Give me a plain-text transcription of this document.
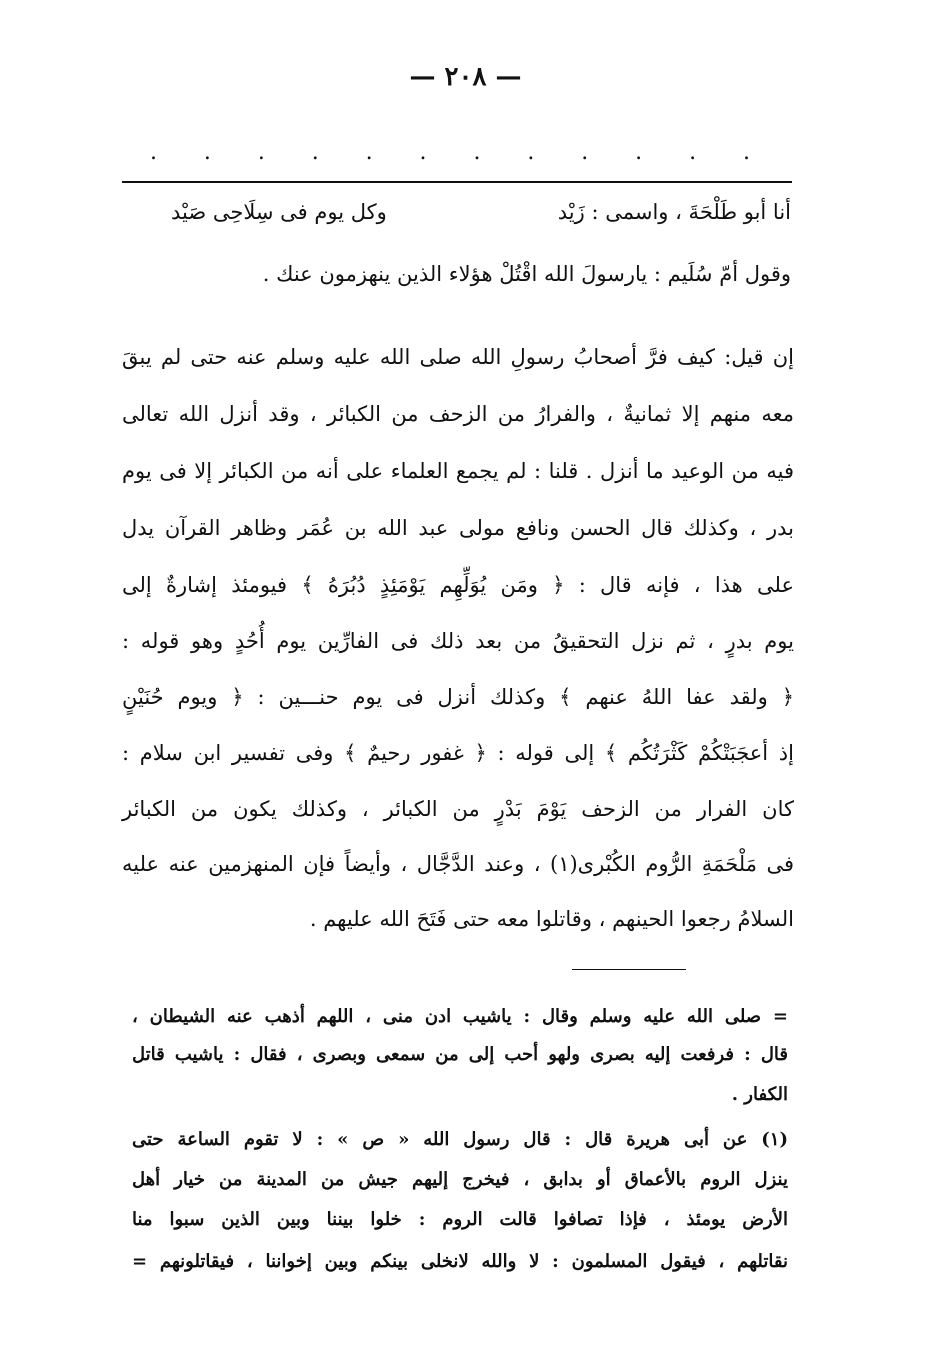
— ٢٠٨ —
. . . . . . . . . . . .
أنا أبو طَلْحَةَ ، واسمى : زَيْد
وكل يوم فى سِلَاحِى صَيْد
وقول أمّ سُلَيم : يارسولَ الله اقْتُلْ هؤلاء الذين ينهزمون عنك .
إن قيل: كيف فرَّ أصحابُ رسولِ الله صلى الله عليه وسلم عنه حتى لم يبقَ
معه منهم إلا ثمانيةٌ ، والفرارُ من الزحف من الكبائر ، وقد أنزل الله تعالى
فيه من الوعيد ما أنزل . قلنا : لم يجمع العلماء على أنه من الكبائر إلا فى يوم
بدر ، وكذلك قال الحسن ونافع مولى عبد الله بن عُمَر وظاهر القرآن يدل
على هذا ، فإنه قال : ﴿ ومَن يُوَلِّهِم يَوْمَئِذٍ دُبُرَهُ ﴾ فيومئذ إشارةٌ إلى
يوم بدرٍ ، ثم نزل التحقيقُ من بعد ذلك فى الفارِّين يوم أُحُدٍ وهو قوله :
﴿ ولقد عفا اللهُ عنهم ﴾ وكذلك أنزل فى يوم حنـــين : ﴿ ويوم حُنَيْنٍ
إذ أعجَبَتْكُمْ كَثْرَتُكُم ﴾ إلى قوله : ﴿ غفور رحيمٌ ﴾ وفى تفسير ابن سلام :
كان الفرار من الزحف يَوْمَ بَدْرٍ من الكبائر ، وكذلك يكون من الكبائر
فى مَلْحَمَةِ الرُّوم الكُبْرى(١) ، وعند الدَّجَّال ، وأيضاً فإن المنهزمين عنه عليه
السلامُ رجعوا الحينهم ، وقاتلوا معه حتى فَتَحَ الله عليهم .
= صلى الله عليه وسلم وقال : ياشيب ادن منى ، اللهم أذهب عنه الشيطان ،
قال : فرفعت إليه بصرى ولهو أحب إلى من سمعى وبصرى ، فقال : ياشيب قاتل
الكفار .
(١) عن أبى هريرة قال : قال رسول الله « ص » : لا تقوم الساعة حتى
ينزل الروم بالأعماق أو بدابق ، فيخرج إليهم جيش من المدينة من خيار أهل
الأرض يومئذ ، فإذا تصافوا قالت الروم : خلوا بيننا وبين الذين سبوا منا
نقاتلهم ، فيقول المسلمون : لا والله لانخلى بينكم وبين إخواننا ، فيقاتلونهم =
